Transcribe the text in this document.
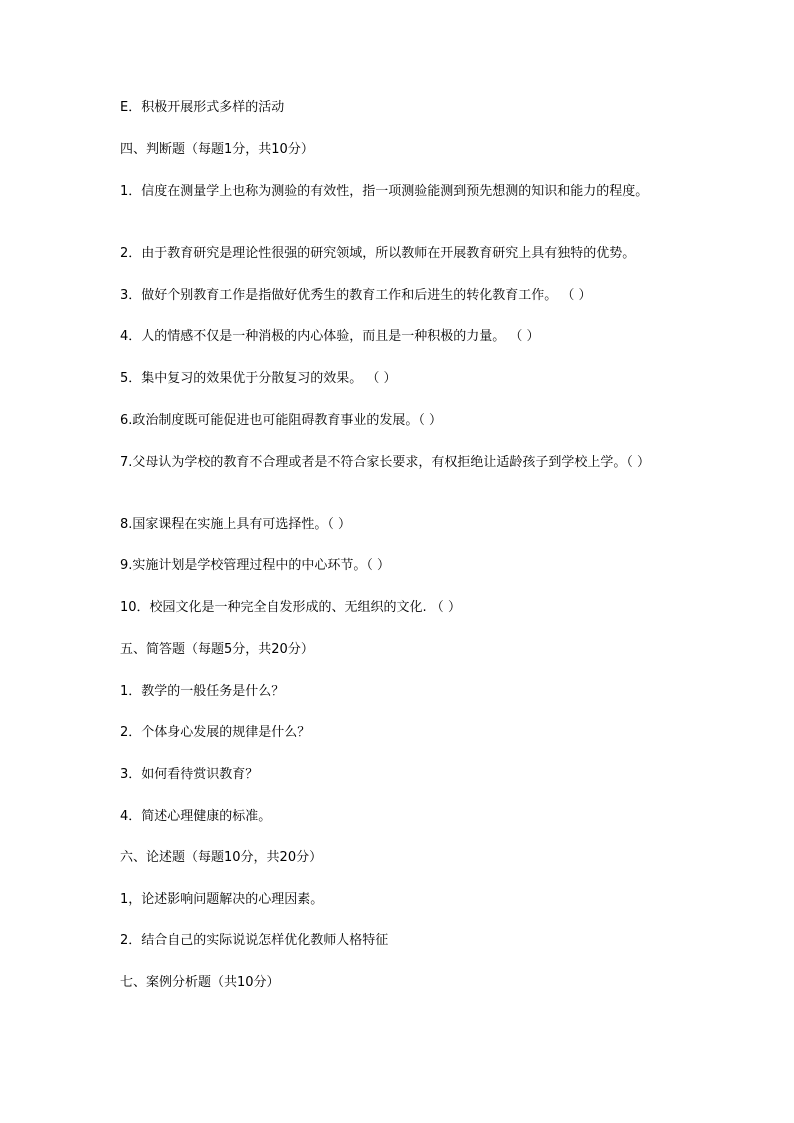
E．积极开展形式多样的活动
四、判断题（每题1分，共10分）
1．信度在测量学上也称为测验的有效性，指一项测验能测到预先想测的知识和能力的程度。
2．由于教育研究是理论性很强的研究领域，所以教师在开展教育研究上具有独特的优势。
3．做好个别教育工作是指做好优秀生的教育工作和后进生的转化教育工作。 （ ）
4．人的情感不仅是一种消极的内心体验，而且是一种积极的力量。 （ ）
5．集中复习的效果优于分散复习的效果。 （ ）
6.政治制度既可能促进也可能阻碍教育事业的发展。（ ）
7.父母认为学校的教育不合理或者是不符合家长要求，有权拒绝让适龄孩子到学校上学。（ ）
8.国家课程在实施上具有可选择性。（ ）
9.实施计划是学校管理过程中的中心环节。（ ）
10．校园文化是一种完全自发形成的、无组织的文化. （ ）
五、简答题（每题5分，共20分）
1．教学的一般任务是什么？
2．个体身心发展的规律是什么？
3．如何看待赏识教育？
4．简述心理健康的标准。
六、论述题（每题10分，共20分）
1，论述影响问题解决的心理因素。
2．结合自己的实际说说怎样优化教师人格特征
七、案例分析题（共10分）
